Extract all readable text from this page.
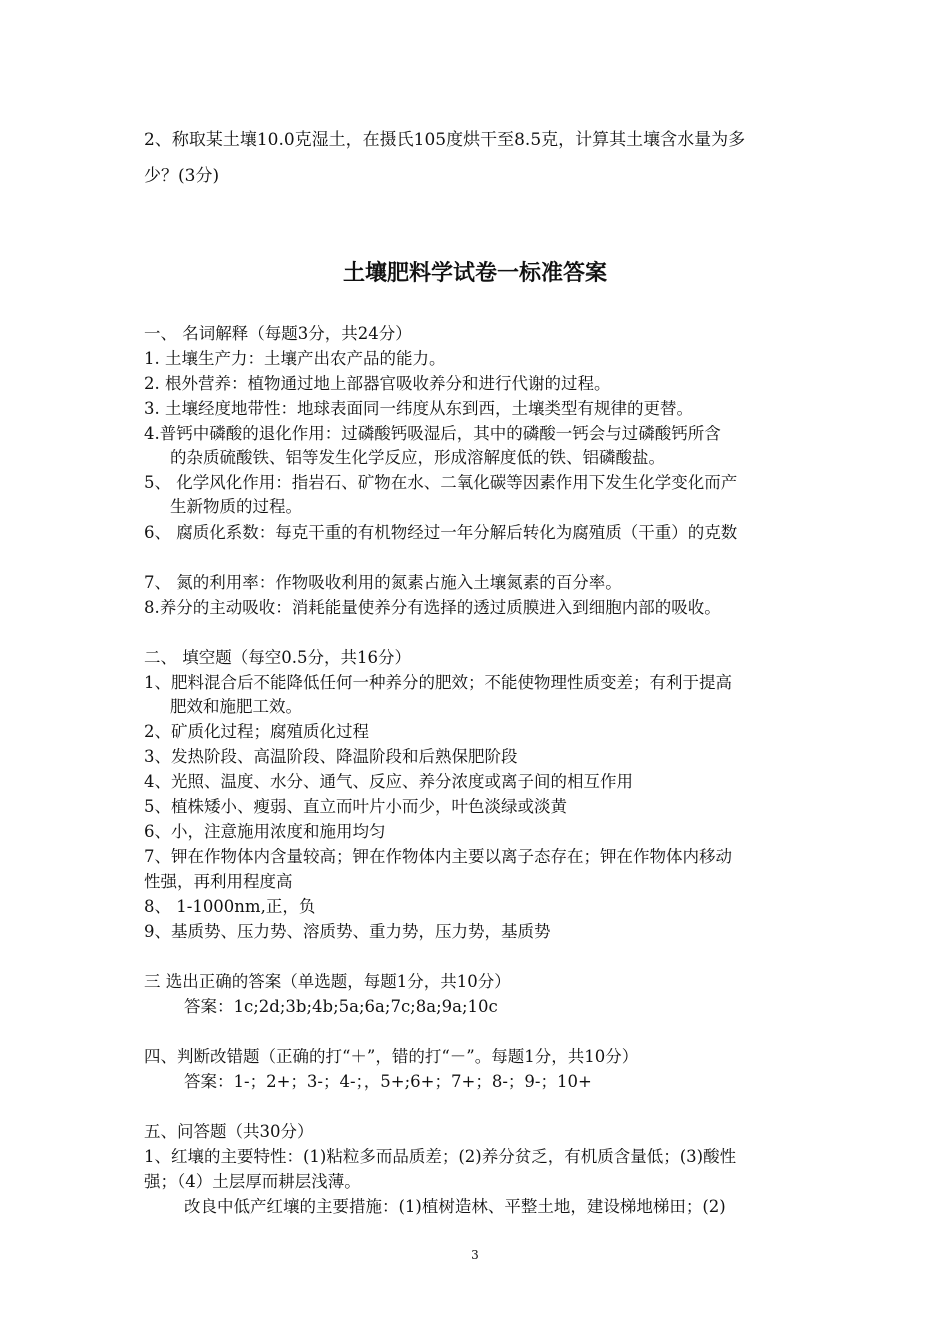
2、称取某土壤10.0克湿土，在摄氏105度烘干至8.5克，计算其土壤含水量为多
少？(3分)
土壤肥料学试卷一标准答案
一、 名词解释（每题3分，共24分）
1. 土壤生产力：土壤产出农产品的能力。
2. 根外营养：植物通过地上部器官吸收养分和进行代谢的过程。
3. 土壤经度地带性：地球表面同一纬度从东到西，土壤类型有规律的更替。
4.普钙中磷酸的退化作用：过磷酸钙吸湿后，其中的磷酸一钙会与过磷酸钙所含
的杂质硫酸铁、铝等发生化学反应，形成溶解度低的铁、铝磷酸盐。
5、 化学风化作用：指岩石、矿物在水、二氧化碳等因素作用下发生化学变化而产
生新物质的过程。
6、 腐质化系数：每克干重的有机物经过一年分解后转化为腐殖质（干重）的克数
7、 氮的利用率：作物吸收利用的氮素占施入土壤氮素的百分率。
8.养分的主动吸收：消耗能量使养分有选择的透过质膜进入到细胞内部的吸收。
二、 填空题（每空0.5分，共16分）
1、肥料混合后不能降低任何一种养分的肥效；不能使物理性质变差；有利于提高
肥效和施肥工效。
2、矿质化过程；腐殖质化过程
3、发热阶段、高温阶段、降温阶段和后熟保肥阶段
4、光照、温度、水分、通气、反应、养分浓度或离子间的相互作用
5、植株矮小、瘦弱、直立而叶片小而少，叶色淡绿或淡黄
6、小，注意施用浓度和施用均匀
7、钾在作物体内含量较高；钾在作物体内主要以离子态存在；钾在作物体内移动
性强，再利用程度高
8、 1-1000nm,正，负
9、基质势、压力势、溶质势、重力势，压力势，基质势
三 选出正确的答案（单选题，每题1分，共10分）
答案：1c;2d;3b;4b;5a;6a;7c;8a;9a;10c
四、判断改错题（正确的打“＋”，错的打“－”。每题1分，共10分）
答案：1-；2+；3-；4-；，5+;6+；7+；8-；9-；10+
五、问答题（共30分）
1、红壤的主要特性：(1)粘粒多而品质差；(2)养分贫乏，有机质含量低；(3)酸性
强；（4）土层厚而耕层浅薄。
改良中低产红壤的主要措施：(1)植树造林、平整土地，建设梯地梯田；(2)
3
